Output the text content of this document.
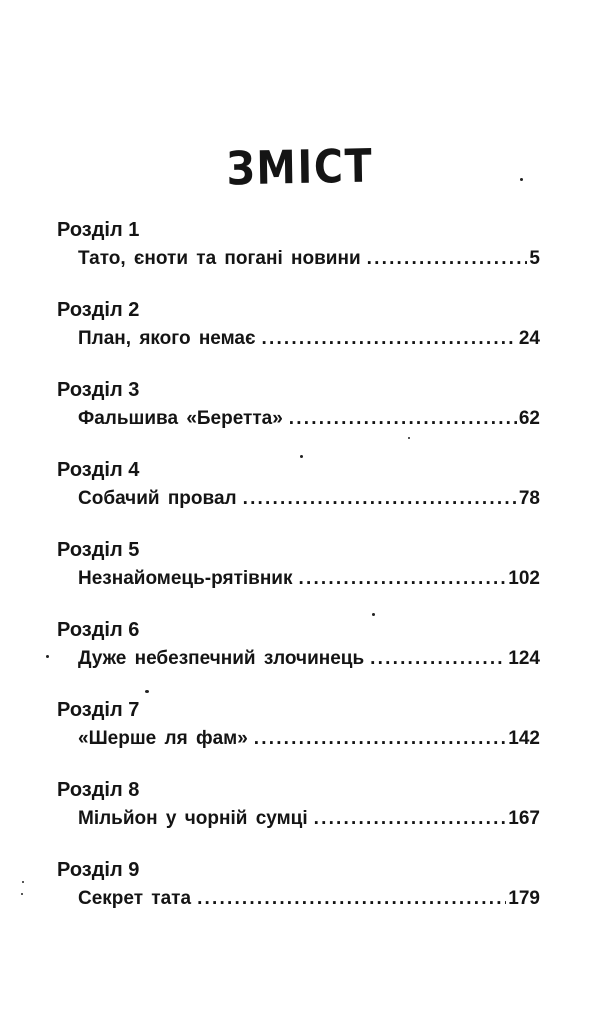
ЗМІСТ
Розділ 1
Тато, єноти та погані новини .....	5
Розділ 2
План, якого немає .....	24
Розділ 3
Фальшива «Беретта» .....	62
Розділ 4
Собачий провал .....	78
Розділ 5
Незнайомець-рятівник .....	102
Розділ 6
Дуже небезпечний злочинець .....	124
Розділ 7
«Шерше ля фам» .....	142
Розділ 8
Мільйон у чорній сумці .....	167
Розділ 9
Секрет тата .....	179
